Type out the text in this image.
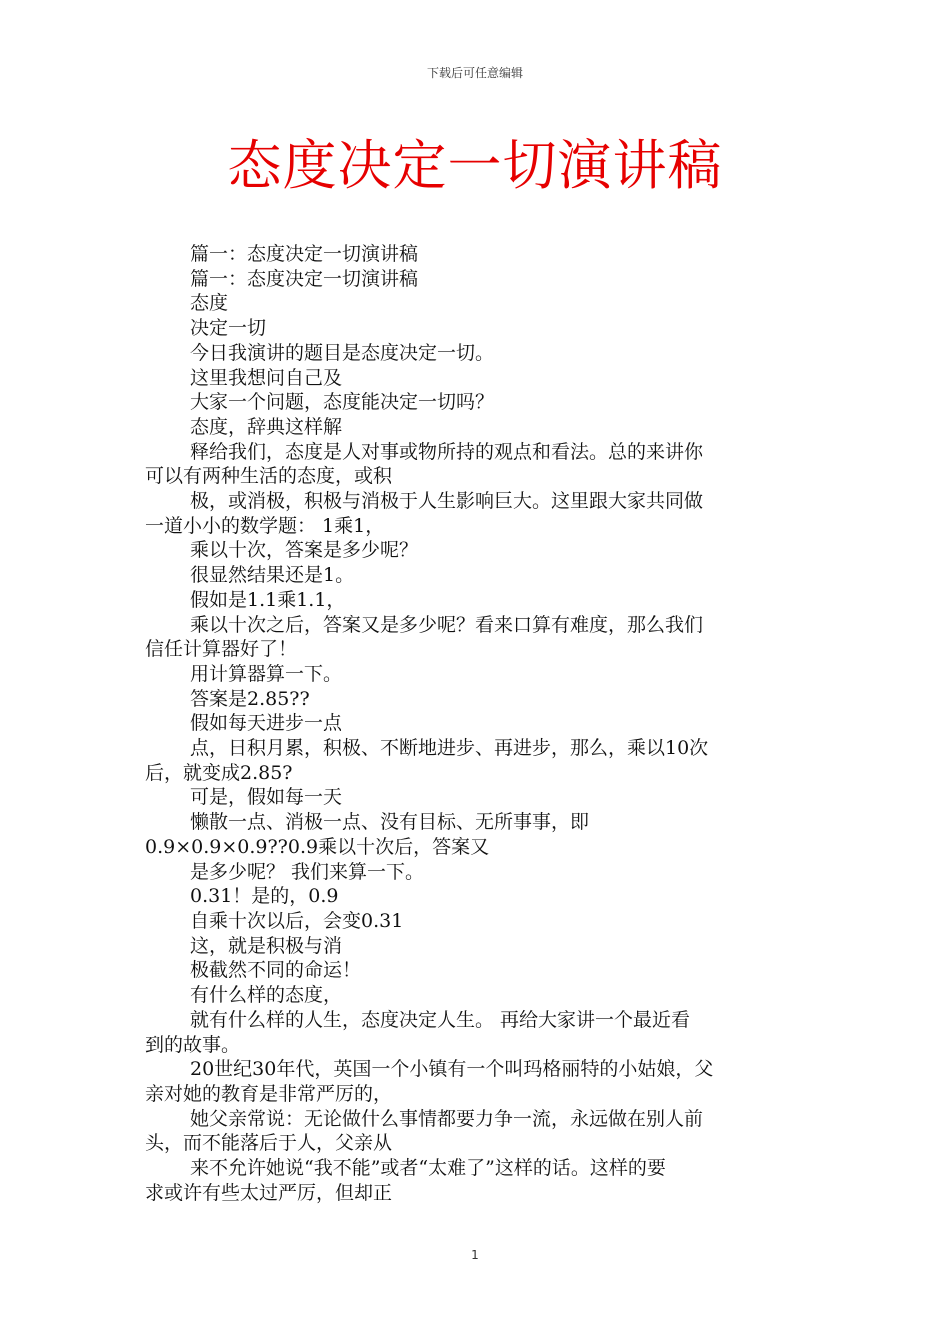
下载后可任意编辑
态度决定一切演讲稿

篇一：态度决定一切演讲稿

篇一：态度决定一切演讲稿

态度

决定一切

今日我演讲的题目是态度决定一切。

这里我想问自己及

大家一个问题，态度能决定一切吗？

态度，辞典这样解

释给我们，态度是人对事或物所持的观点和看法。总的来讲你

可以有两种生活的态度，或积

极，或消极，积极与消极于人生影响巨大。这里跟大家共同做

一道小小的数学题： 1乘1，

乘以十次，答案是多少呢？

很显然结果还是1。

假如是1.1乘1.1，

乘以十次之后，答案又是多少呢？看来口算有难度，那么我们

信任计算器好了！

用计算器算一下。

答案是2.85??

假如每天进步一点

点，日积月累，积极、不断地进步、再进步，那么，乘以10次

后，就变成2.85?

可是，假如每一天

懒散一点、消极一点、没有目标、无所事事，即

0.9×0.9×0.9??0.9乘以十次后，答案又

是多少呢？ 我们来算一下。

0.31！是的，0.9

自乘十次以后，会变0.31

这，就是积极与消

极截然不同的命运！

有什么样的态度，

就有什么样的人生，态度决定人生。 再给大家讲一个最近看

到的故事。

20世纪30年代，英国一个小镇有一个叫玛格丽特的小姑娘，父

亲对她的教育是非常严厉的，

她父亲常说：无论做什么事情都要力争一流，永远做在别人前

头，而不能落后于人，父亲从

来不允许她说“我不能”或者“太难了”这样的话。这样的要

求或许有些太过严厉，但却正

1
